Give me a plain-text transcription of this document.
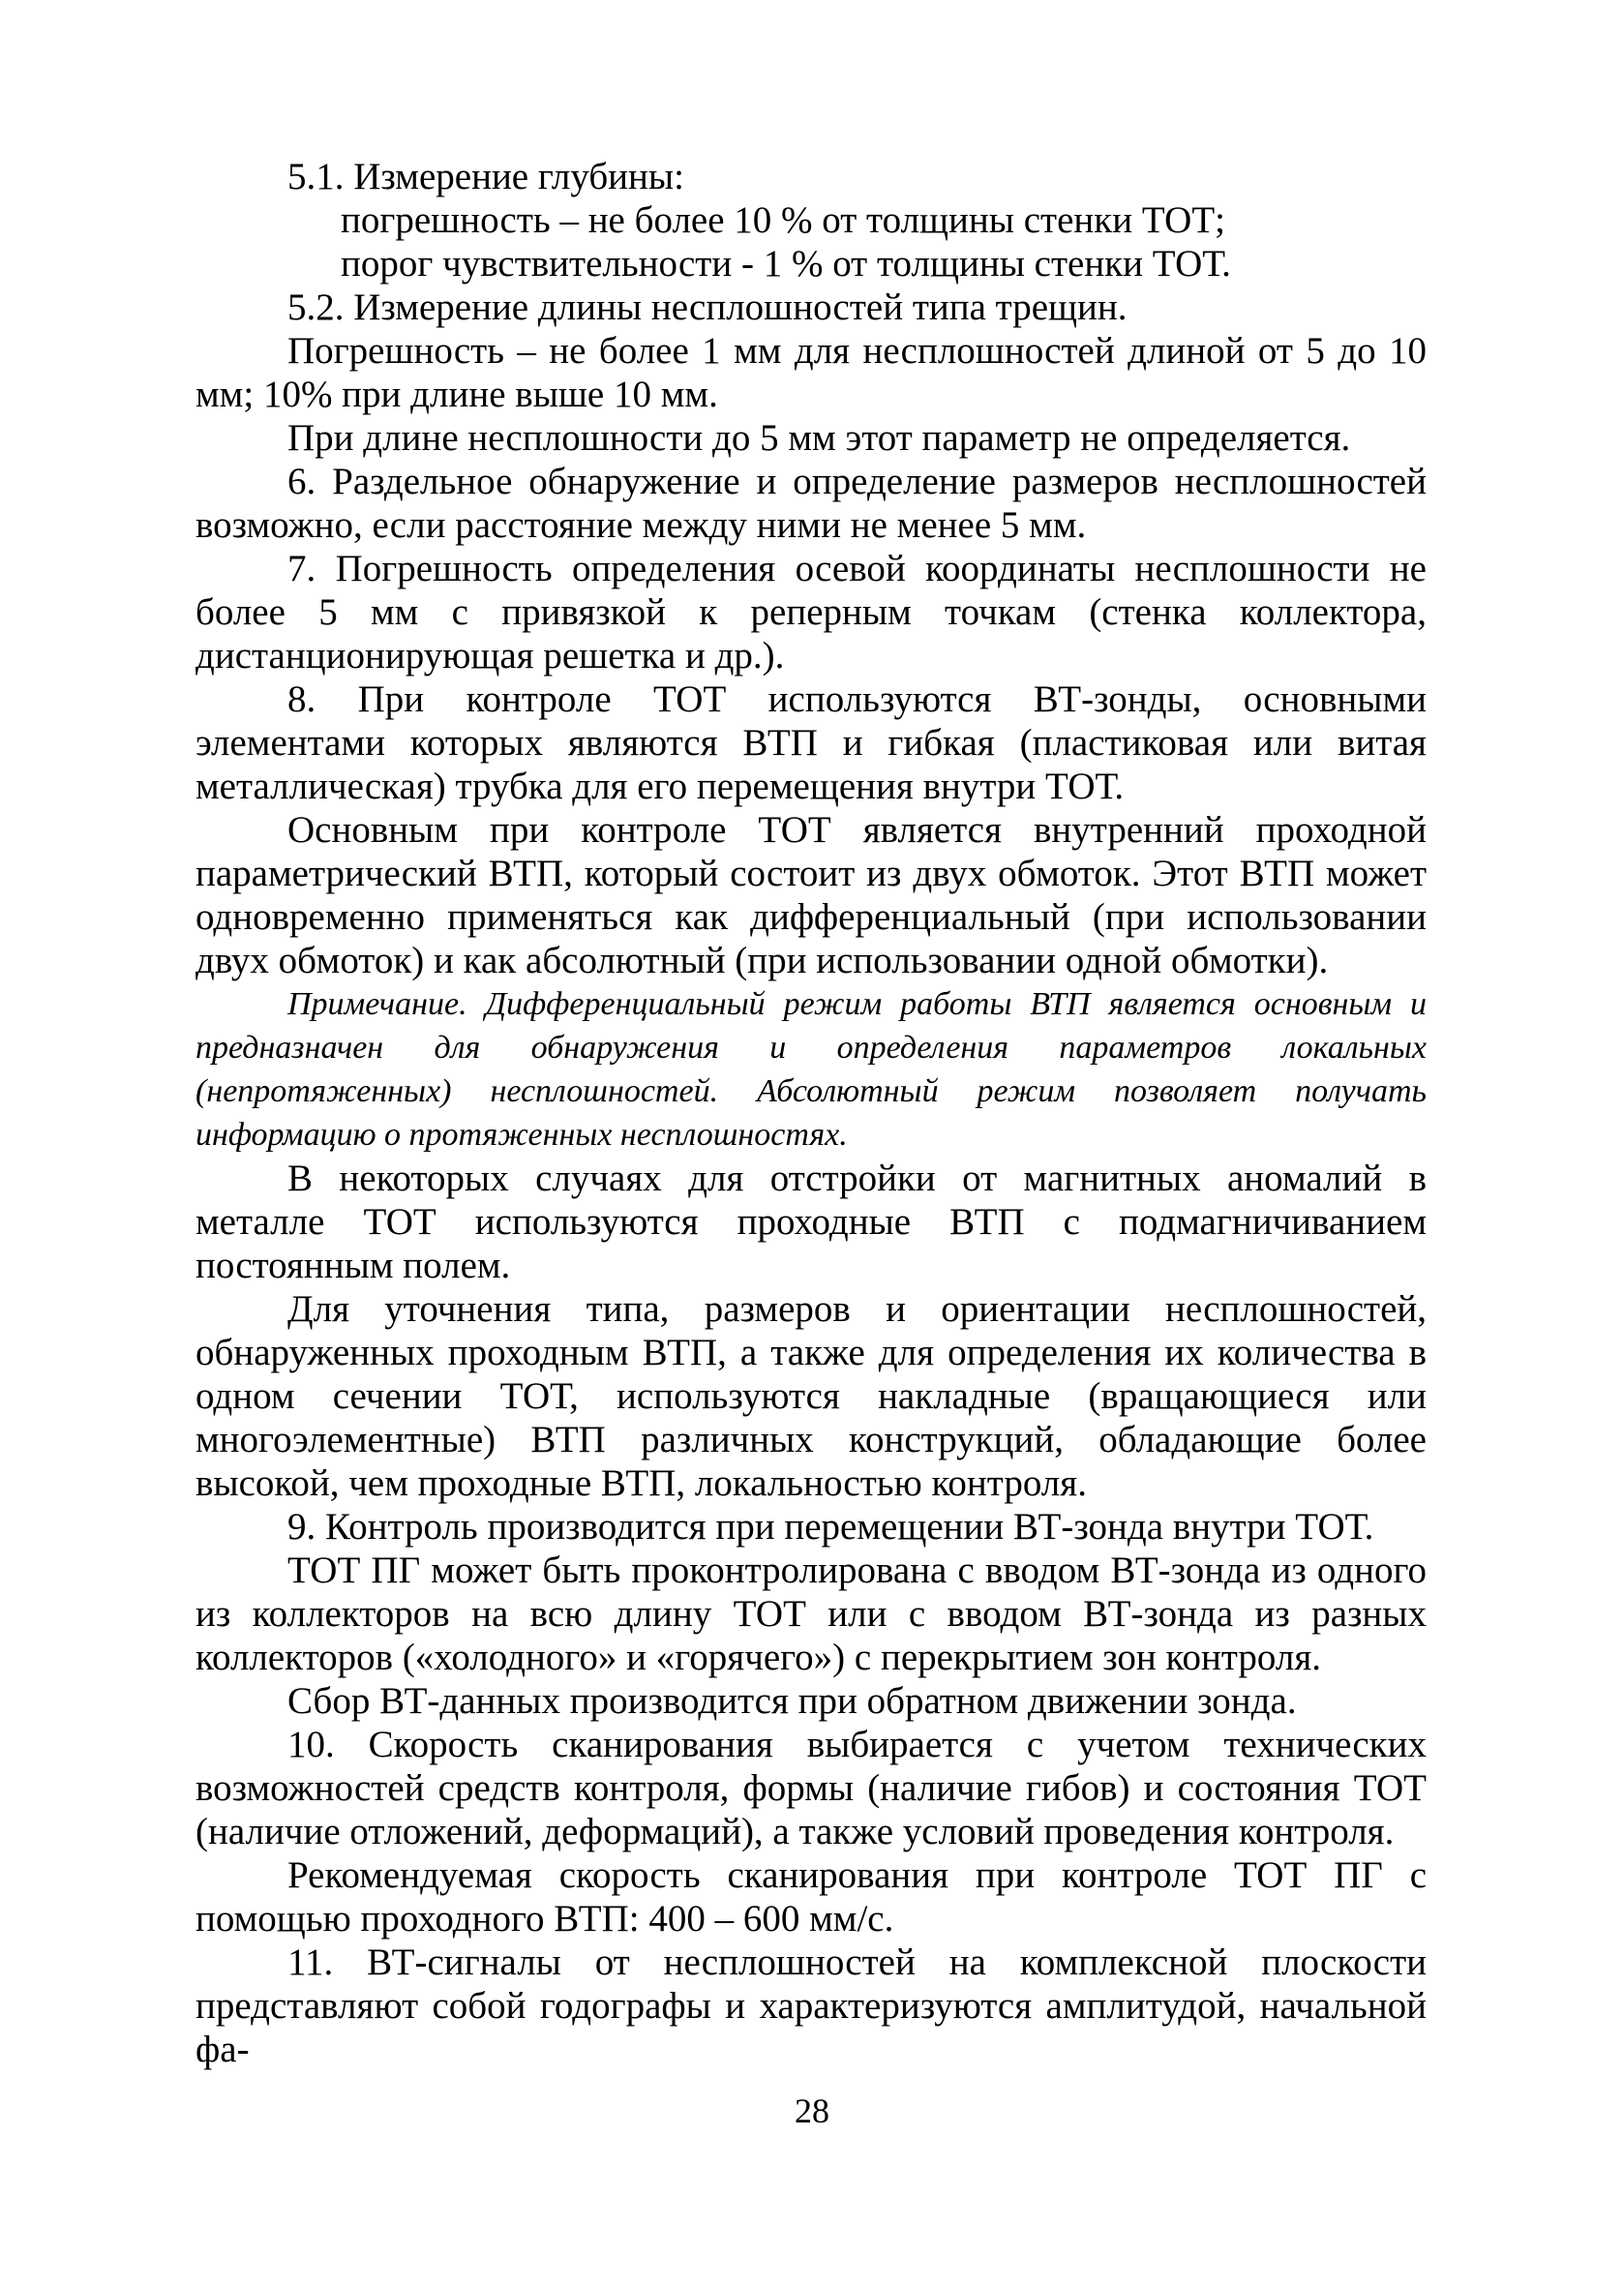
5.1. Измерение глубины:

погрешность – не более 10 % от толщины стенки ТОТ;

порог чувствительности - 1 % от толщины стенки ТОТ.

5.2. Измерение длины несплошностей типа трещин.

Погрешность – не более 1 мм для несплошностей длиной от 5 до 10 мм; 10% при длине выше 10 мм.

При длине несплошности до 5 мм этот параметр не определяется.

6. Раздельное обнаружение и определение размеров несплошностей возможно, если расстояние между ними не менее 5 мм.

7. Погрешность определения осевой координаты несплошности не более 5 мм с привязкой к реперным точкам (стенка коллектора, дистанционирующая решетка и др.).

8. При контроле ТОТ используются ВТ-зонды, основными элементами которых являются ВТП и гибкая (пластиковая или витая металлическая) трубка для его перемещения внутри ТОТ.

Основным при контроле ТОТ является внутренний проходной параметрический ВТП, который состоит из двух обмоток. Этот ВТП может одновременно применяться как дифференциальный (при использовании двух обмоток) и как абсолютный (при использовании одной обмотки).

Примечание. Дифференциальный режим работы ВТП является основным и предназначен для обнаружения и определения параметров локальных (непротяженных) несплошностей. Абсолютный режим позволяет получать информацию о протяженных несплошностях.

В некоторых случаях для отстройки от магнитных аномалий в металле ТОТ используются проходные ВТП с подмагничиванием постоянным полем.

Для уточнения типа, размеров и ориентации несплошностей, обнаруженных проходным ВТП, а также для определения их количества в одном сечении ТОТ, используются накладные (вращающиеся или многоэлементные) ВТП различных конструкций, обладающие более высокой, чем проходные ВТП, локальностью контроля.

9. Контроль производится при перемещении ВТ-зонда внутри ТОТ.

ТОТ ПГ может быть проконтролирована с вводом ВТ-зонда из одного из коллекторов на всю длину ТОТ или с вводом ВТ-зонда из разных коллекторов («холодного» и «горячего») с перекрытием зон контроля.

Сбор ВТ-данных производится при обратном движении зонда.

10. Скорость сканирования выбирается с учетом технических возможностей средств контроля, формы (наличие гибов) и состояния ТОТ (наличие отложений, деформаций), а также условий проведения контроля.

Рекомендуемая скорость сканирования при контроле ТОТ ПГ с помощью проходного ВТП: 400 – 600 мм/с.

11. ВТ-сигналы от несплошностей на комплексной плоскости представляют собой годографы и характеризуются амплитудой, начальной фа-

28
